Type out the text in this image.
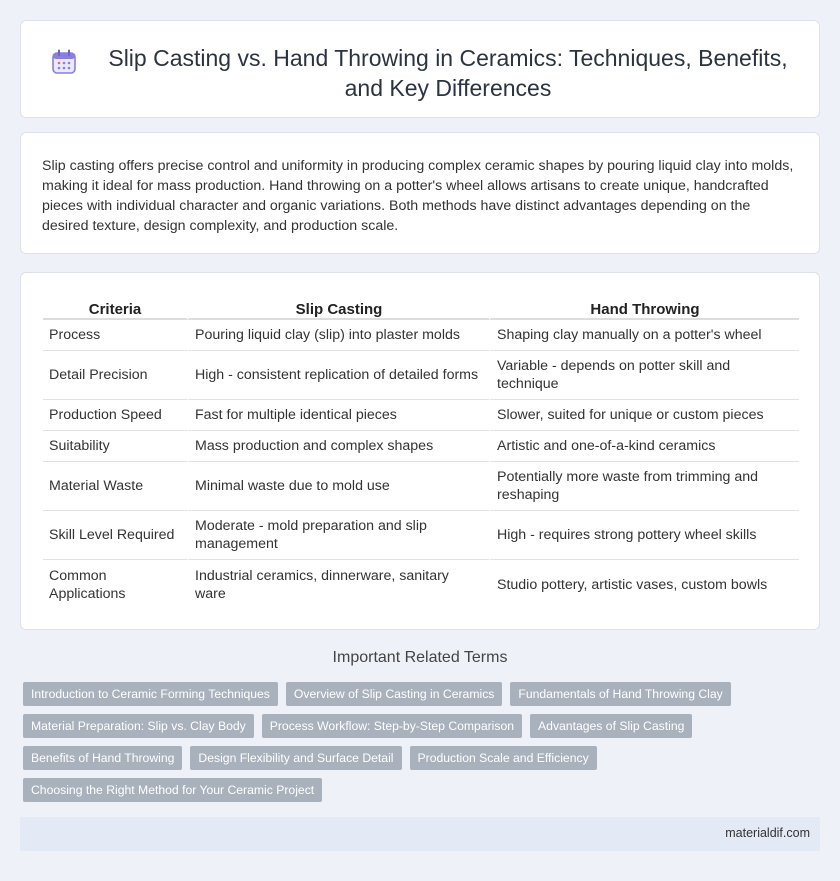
Slip Casting vs. Hand Throwing in Ceramics: Techniques, Benefits, and Key Differences

Slip casting offers precise control and uniformity in producing complex ceramic shapes by pouring liquid clay into molds, making it ideal for mass production. Hand throwing on a potter's wheel allows artisans to create unique, handcrafted pieces with individual character and organic variations. Both methods have distinct advantages depending on the desired texture, design complexity, and production scale.

Criteria	Slip Casting	Hand Throwing
Process	Pouring liquid clay (slip) into plaster molds	Shaping clay manually on a potter's wheel
Detail Precision	High - consistent replication of detailed forms	Variable - depends on potter skill and technique
Production Speed	Fast for multiple identical pieces	Slower, suited for unique or custom pieces
Suitability	Mass production and complex shapes	Artistic and one-of-a-kind ceramics
Material Waste	Minimal waste due to mold use	Potentially more waste from trimming and reshaping
Skill Level Required	Moderate - mold preparation and slip management	High - requires strong pottery wheel skills
Common Applications	Industrial ceramics, dinnerware, sanitary ware	Studio pottery, artistic vases, custom bowls
Important Related Terms
Introduction to Ceramic Forming Techniques	Overview of Slip Casting in Ceramics	Fundamentals of Hand Throwing Clay
Material Preparation: Slip vs. Clay Body	Process Workflow: Step-by-Step Comparison	Advantages of Slip Casting
Benefits of Hand Throwing	Design Flexibility and Surface Detail	Production Scale and Efficiency
Choosing the Right Method for Your Ceramic Project
materialdif.com
